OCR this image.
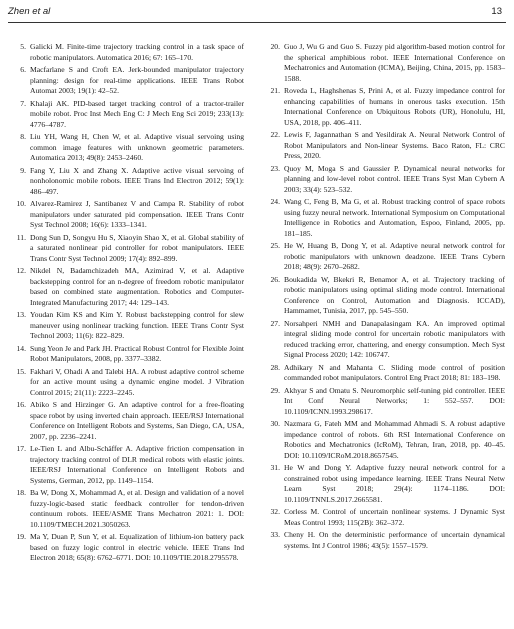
Zhen et al	13
5. Galicki M. Finite-time trajectory tracking control in a task space of robotic manipulators. Automatica 2016; 67: 165–170.
6. Macfarlane S and Croft EA. Jerk-bounded manipulator trajectory planning: design for real-time applications. IEEE Trans Robot Automat 2003; 19(1): 42–52.
7. Khalaji AK. PID-based target tracking control of a tractor-trailer mobile robot. Proc Inst Mech Eng C: J Mech Eng Sci 2019; 233(13): 4776–4787.
8. Liu YH, Wang H, Chen W, et al. Adaptive visual servoing using common image features with unknown geometric parameters. Automatica 2013; 49(8): 2453–2460.
9. Fang Y, Liu X and Zhang X. Adaptive active visual servoing of nonholonomic mobile robots. IEEE Trans Ind Electron 2012; 59(1): 486–497.
10. Alvarez-Ramirez J, Santibanez V and Campa R. Stability of robot manipulators under saturated pid compensation. IEEE Trans Contr Syst Technol 2008; 16(6): 1333–1341.
11. Dong Sun D, Songyu Hu S, Xiaoyin Shao X, et al. Global stability of a saturated nonlinear pid controller for robot manipulators. IEEE Trans Contr Syst Technol 2009; 17(4): 892–899.
12. Nikdel N, Badamchizadeh MA, Azimirad V, et al. Adaptive backstepping control for an n-degree of freedom robotic manipulator based on combined state augmentation. Robotics and Computer-Integrated Manufacturing 2017; 44: 129–143.
13. Youdan Kim KS and Kim Y. Robust backstepping control for slew maneuver using nonlinear tracking function. IEEE Trans Contr Syst Technol 2003; 11(6): 822–829.
14. Sung Yeon Je and Park JH. Practical Robust Control for Flexible Joint Robot Manipulators, 2008, pp. 3377–3382.
15. Fakhari V, Ohadi A and Talebi HA. A robust adaptive control scheme for an active mount using a dynamic engine model. J Vibration Control 2015; 21(11): 2223–2245.
16. Abiko S and Hirzinger G. An adaptive control for a free-floating space robot by using inverted chain approach. IEEE/RSJ International Conference on Intelligent Robots and Systems, San Diego, CA, USA, 2007, pp. 2236–2241.
17. Le-Tien L and Albu-Schäffer A. Adaptive friction compensation in trajectory tracking control of DLR medical robots with elastic joints. IEEE/RSJ International Conference on Intelligent Robots and Systems, German, 2012, pp. 1149–1154.
18. Ba W, Dong X, Mohammad A, et al. Design and validation of a novel fuzzy-logic-based static feedback controller for tendon-driven continuum robots. IEEE/ASME Trans Mechatron 2021: 1. DOI: 10.1109/TMECH.2021.3050263.
19. Ma Y, Duan P, Sun Y, et al. Equalization of lithium-ion battery pack based on fuzzy logic control in electric vehicle. IEEE Trans Ind Electron 2018; 65(8): 6762–6771. DOI: 10.1109/TIE.2018.2795578.
20. Guo J, Wu G and Guo S. Fuzzy pid algorithm-based motion control for the spherical amphibious robot. IEEE International Conference on Mechatronics and Automation (ICMA), Beijing, China, 2015, pp. 1583–1588.
21. Roveda L, Haghshenas S, Prini A, et al. Fuzzy impedance control for enhancing capabilities of humans in onerous tasks execution. 15th International Conference on Ubiquitous Robots (UR), Honolulu, HI, USA, 2018, pp. 406–411.
22. Lewis F, Jagannathan S and Yesildirak A. Neural Network Control of Robot Manipulators and Non-linear Systems. Baco Raton, FL: CRC Press, 2020.
23. Quoy M, Moga S and Gaussier P. Dynamical neural networks for planning and low-level robot control. IEEE Trans Syst Man Cybern A 2003; 33(4): 523–532.
24. Wang C, Feng B, Ma G, et al. Robust tracking control of space robots using fuzzy neural network. International Symposium on Computational Intelligence in Robotics and Automation, Espoo, Finland, 2005, pp. 181–185.
25. He W, Huang B, Dong Y, et al. Adaptive neural network control for robotic manipulators with unknown deadzone. IEEE Trans Cybern 2018; 48(9): 2670–2682.
26. Boukadida W, Bkekri R, Benamor A, et al. Trajectory tracking of robotic manipulators using optimal sliding mode control. International Conference on Control, Automation and Diagnosis. ICCAD), Hammamet, Tunisia, 2017, pp. 545–550.
27. Norsahperi NMH and Danapalasingam KA. An improved optimal integral sliding mode control for uncertain robotic manipulators with reduced tracking error, chattering, and energy consumption. Mech Syst Signal Process 2020; 142: 106747.
28. Adhikary N and Mahanta C. Sliding mode control of position commanded robot manipulators. Control Eng Pract 2018; 81: 183–198.
29. Akhyar S and Omatu S. Neuromorphic self-tuning pid controller. IEEE Int Conf Neural Networks; 1: 552–557. DOI: 10.1109/ICNN.1993.298617.
30. Nazmara G, Fateh MM and Mohammad Ahmadi S. A robust adaptive impedance control of robots. 6th RSI International Conference on Robotics and Mechatronics (IcRoM), Tehran, Iran, 2018, pp. 40–45. DOI: 10.1109/ICRoM.2018.8657545.
31. He W and Dong Y. Adaptive fuzzy neural network control for a constrained robot using impedance learning. IEEE Trans Neural Netw Learn Syst 2018; 29(4): 1174–1186. DOI: 10.1109/TNNLS.2017.2665581.
32. Corless M. Control of uncertain nonlinear systems. J Dynamic Syst Meas Control 1993; 115(2B): 362–372.
33. Cheny H. On the deterministic performance of uncertain dynamical systems. Int J Control 1986; 43(5): 1557–1579.
